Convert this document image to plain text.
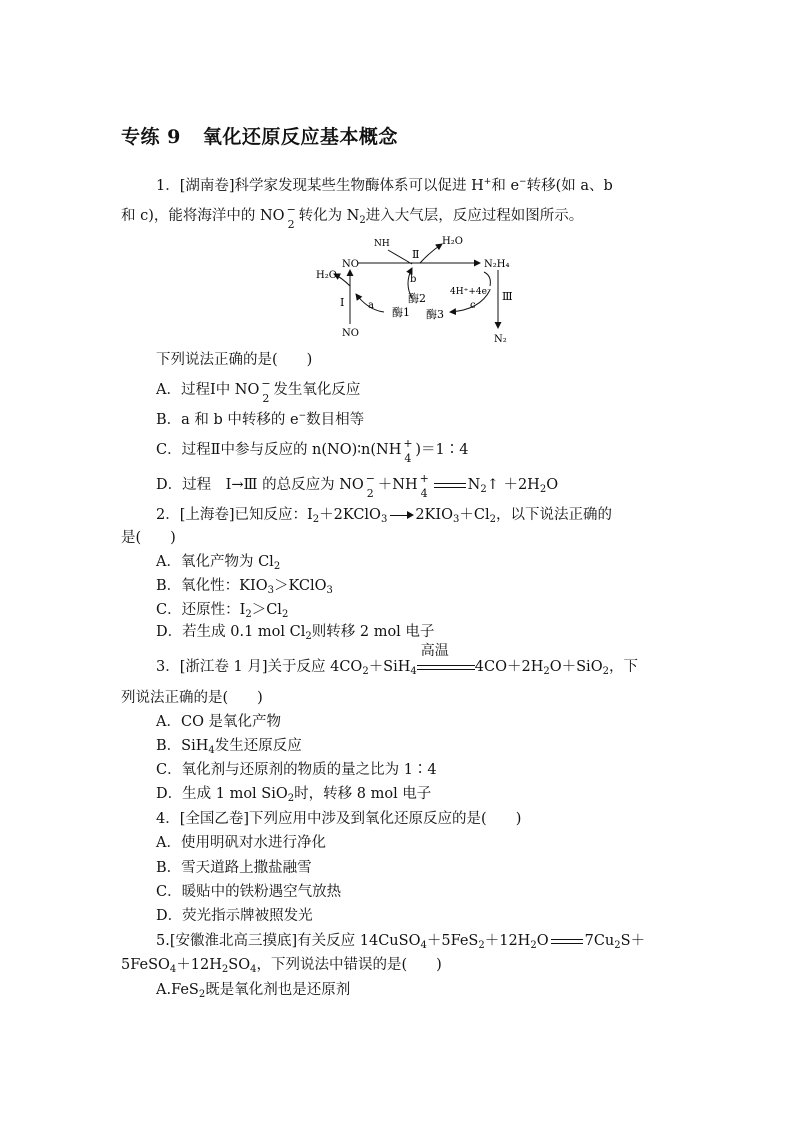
专练 9 氧化还原反应基本概念
1．[湖南卷]科学家发现某些生物酶体系可以促进 H+和 e−转移(如 a、b
和 c)，能将海洋中的 NO −
2
转化为 $N_2$进入大气层，反应过程如图所示。
NO
NH	H₂O
N₂H₄
H₂O
NO
N₂
Ⅰ
Ⅱ
Ⅲ
a
b
c
酶1
酶2
酶3
4H⁺+4e⁻
下列说法正确的是(　　)
A．过程Ⅰ中 NO −
2
发生氧化反应
B．a 和 b 中转移的 e−数目相等
C．过程Ⅱ中参与反应的 n(NO)∶n(NH +
4
)＝1∶4
D．过程　Ⅰ→Ⅲ 的总反应为 NO −
2
＋NH +
4
$N_2↑ +2H_2O$
2．[上海卷]已知反应：$I_2+2KClO_3$ $2KIO_3+Cl_2$，以下说法正确的
是(　　)
A．氧化产物为 $Cl_2$
B．氧化性：$KIO_3>KClO_3$
C．还原性：$I_2>Cl_2$
D．若生成 0.1 mol $Cl_2$则转移 2 mol 电子
3．[浙江卷 1 月]关于反应 $4CO_2+SiH_4$
高温
$4CO+2H_2O+SiO_2$，下
列说法正确的是(　　)
A．CO 是氧化产物
B．SiH$_4$发生还原反应
C．氧化剂与还原剂的物质的量之比为 1∶4
D．生成 1 mol SiO$_2$时，转移 8 mol 电子
4．[全国乙卷]下列应用中涉及到氧化还原反应的是(　　)
A．使用明矾对水进行净化
B．雪天道路上撒盐融雪
C．暖贴中的铁粉遇空气放热
D．荧光指示牌被照发光
5.[安徽淮北高三摸底]有关反应 $14CuSO_4+5FeS_2+12H_2O$ $7Cu_2S+$
$5FeSO_4+12H_2SO_4$，下列说法中错误的是(　　)
A.FeS$_2$既是氧化剂也是还原剂
